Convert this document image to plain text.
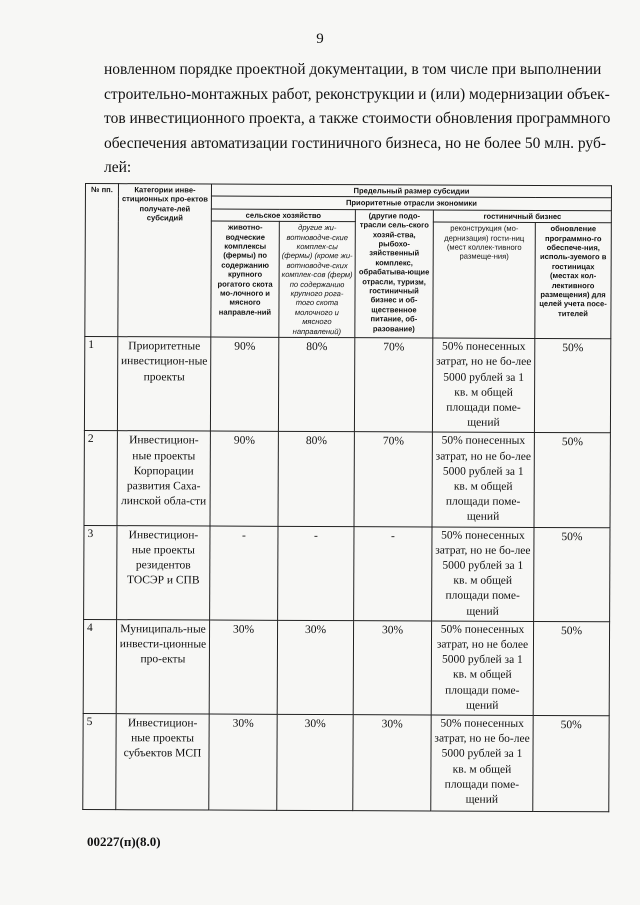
9

новленном порядке проектной документации, в том числе при выполнении

строительно-монтажных работ, реконструкции и (или) модернизации объек-

тов инвестиционного проекта, а также стоимости обновления программного

обеспечения автоматизации гостиничного бизнеса, но не более 50 млн. руб-

лей:

№ пп.	Категории инве-стиционных про-ектов получате-лей субсидий	Предельный размер субсидии				
		Приоритетные отрасли экономики				
		сельское хозяйство		(другие подо-трасли сель-ского хозяй-ства, рыбохо-зяйственный комплекс, обрабатыва-ющие отрасли, туризм, гостиничный бизнес и об-щественное питание, об-разование)	гостиничный бизнес	
		животно-водческие комплексы (фермы) по содержанию крупного рогатого скота мо-лочного и мясного направле-ний	другие жи-вотноводче-ские комплек-сы (фермы) (кроме жи-вотноводче-ских комплек-сов (ферм) по содержанию крупного рога-того скота молочного и мясного направлений)		реконструкция (мо-дернизация) гости-ниц (мест коллек-тивного размеще-ния)	обновление программно-го обеспече-ния, исполь-зуемого в гостиницах (местах кол-лективного размещения) для целей учета посе-тителей
1	Приоритетные инвестицион-ные проекты	90%	80%	70%	50% понесенных затрат, но не бо-лее 5000 рублей за 1 кв. м общей площади поме-щений	50%
2	Инвестицион-ные проекты Корпорации развития Саха-линской обла-сти	90%	80%	70%	50% понесенных затрат, но не бо-лее 5000 рублей за 1 кв. м общей площади поме-щений	50%
3	Инвестицион-ные проекты резидентов ТОСЭР и СПВ	-	-	-	50% понесенных затрат, но не бо-лее 5000 рублей за 1 кв. м общей площади поме-щений	50%
4	Муниципаль-ные инвести-ционные про-екты	30%	30%	30%	50% понесенных затрат, но не более 5000 рублей за 1 кв. м общей площади поме-щений	50%
5	Инвестицион-ные проекты субъектов МСП	30%	30%	30%	50% понесенных затрат, но не бо-лее 5000 рублей за 1 кв. м общей площади поме-щений	50%
00227(п)(8.0)
